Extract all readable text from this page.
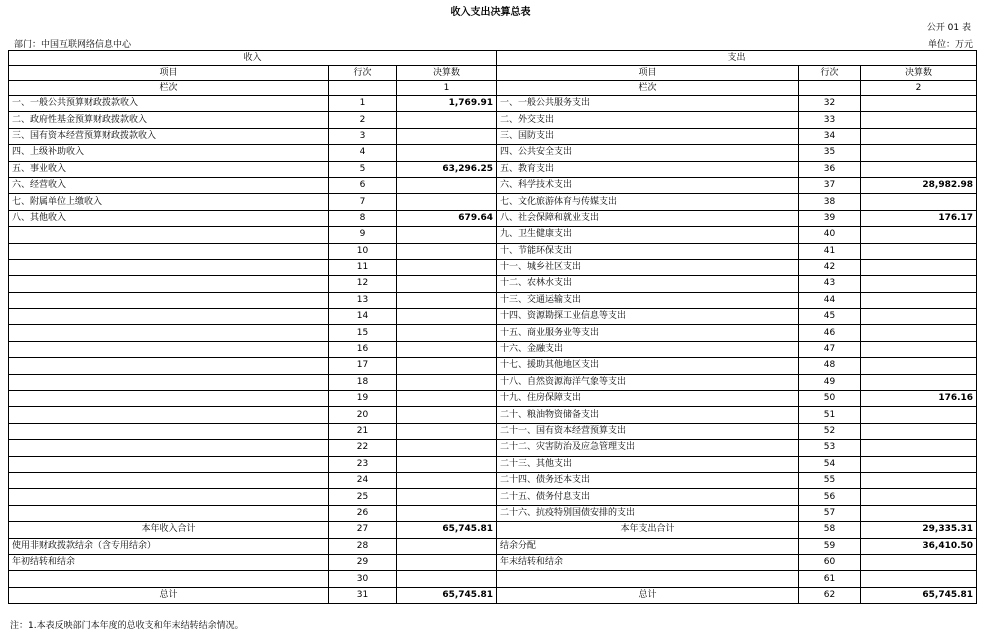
收入支出决算总表
公开 01 表
部门：中国互联网络信息中心	单位：万元
收入			支出		
项目	行次	决算数	项目	行次	决算数
栏次		1	栏次		2
一、一般公共预算财政拨款收入	1	1,769.91	一、一般公共服务支出	32	
二、政府性基金预算财政拨款收入	2		二、外交支出	33	
三、国有资本经营预算财政拨款收入	3		三、国防支出	34	
四、上级补助收入	4		四、公共安全支出	35	
五、事业收入	5	63,296.25	五、教育支出	36	
六、经营收入	6		六、科学技术支出	37	28,982.98
七、附属单位上缴收入	7		七、文化旅游体育与传媒支出	38	
八、其他收入	8	679.64	八、社会保障和就业支出	39	176.17
	9		九、卫生健康支出	40	
	10		十、节能环保支出	41	
	11		十一、城乡社区支出	42	
	12		十二、农林水支出	43	
	13		十三、交通运输支出	44	
	14		十四、资源勘探工业信息等支出	45	
	15		十五、商业服务业等支出	46	
	16		十六、金融支出	47	
	17		十七、援助其他地区支出	48	
	18		十八、自然资源海洋气象等支出	49	
	19		十九、住房保障支出	50	176.16
	20		二十、粮油物资储备支出	51	
	21		二十一、国有资本经营预算支出	52	
	22		二十二、灾害防治及应急管理支出	53	
	23		二十三、其他支出	54	
	24		二十四、债务还本支出	55	
	25		二十五、债务付息支出	56	
	26		二十六、抗疫特别国债安排的支出	57	
本年收入合计	27	65,745.81	本年支出合计	58	29,335.31
使用非财政拨款结余（含专用结余）	28		结余分配	59	36,410.50
年初结转和结余	29		年末结转和结余	60	
	30			61	
总计	31	65,745.81	总计	62	65,745.81
注：1.本表反映部门本年度的总收支和年末结转结余情况。
